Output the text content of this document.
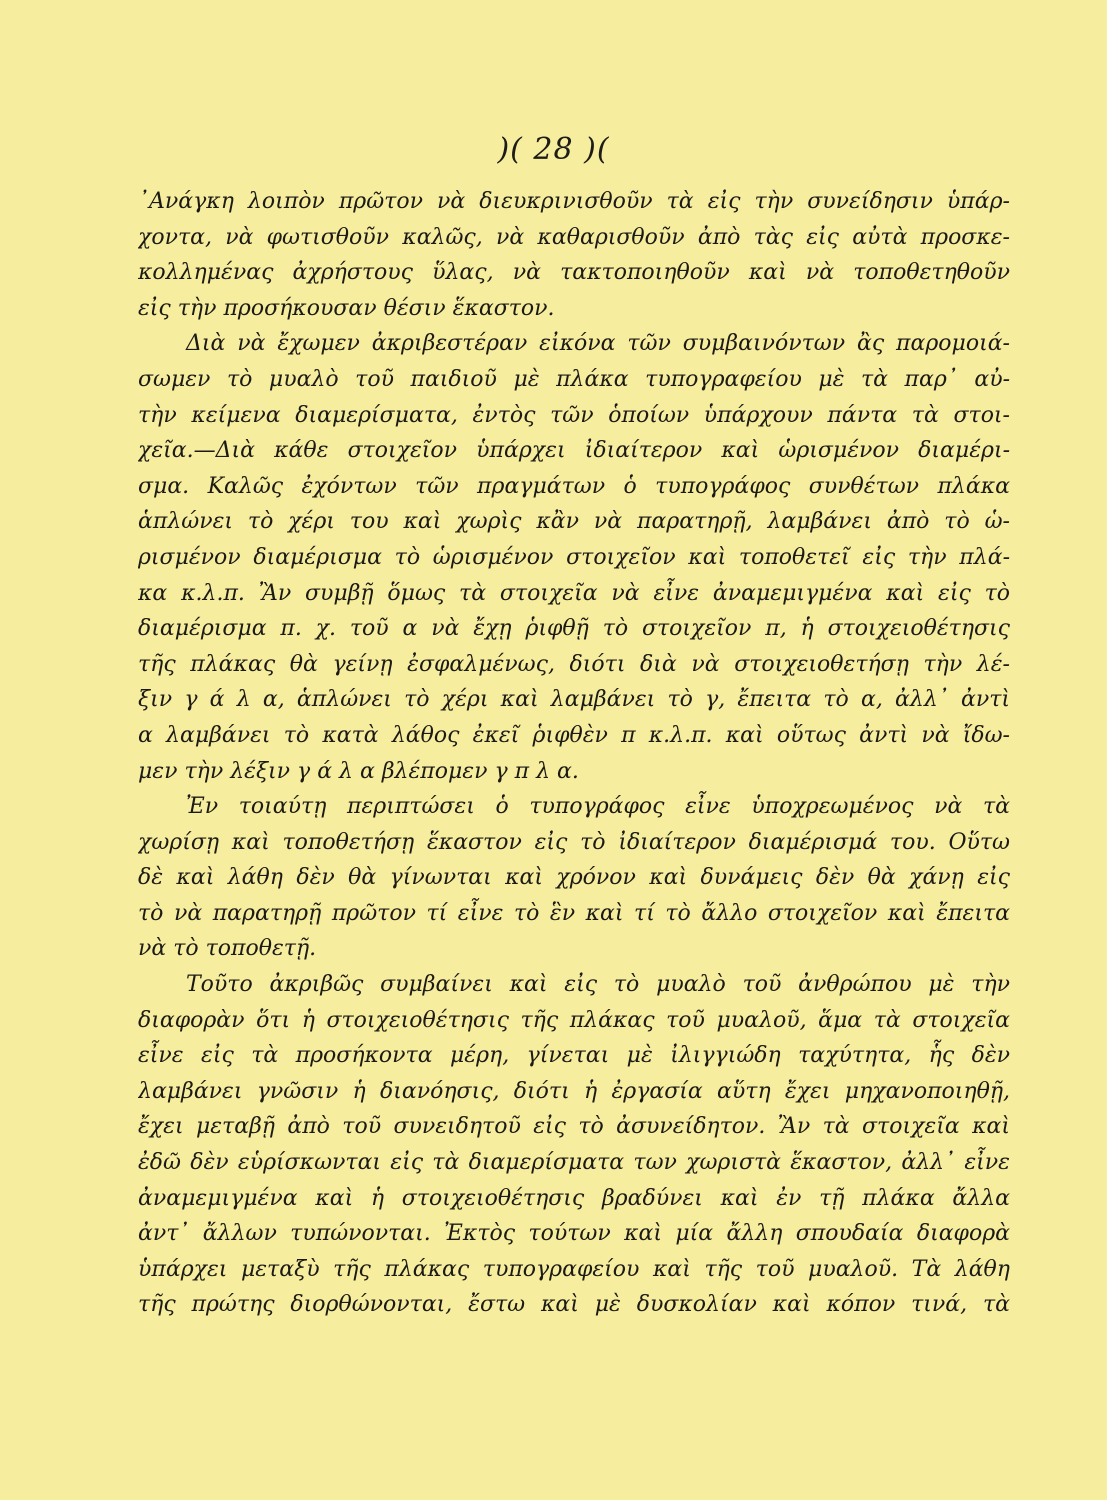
)( 28 )(
᾿Ανάγκη λοιπὸν πρῶτον νὰ διευκρινισθοῦν τὰ εἰς τὴν συνείδησιν ὑπάρ-
χοντα, νὰ φωτισθοῦν καλῶς, νὰ καθαρισθοῦν ἀπὸ τὰς εἰς αὐτὰ προσκε-
κολλημένας ἀχρήστους ὕλας, νὰ τακτοποιηθοῦν καὶ νὰ τοποθετηθοῦν
εἰς τὴν προσήκουσαν θέσιν ἕκαστον.
Διὰ νὰ ἔχωμεν ἀκριβεστέραν εἰκόνα τῶν συμβαινόντων ἂς παρομοιά-
σωμεν τὸ μυαλὸ τοῦ παιδιοῦ μὲ πλάκα τυπογραφείου μὲ τὰ παρ᾿ αὐ-
τὴν κείμενα διαμερίσματα, ἐντὸς τῶν ὁποίων ὑπάρχουν πάντα τὰ στοι-
χεῖα.—Διὰ κάθε στοιχεῖον ὑπάρχει ἰδιαίτερον καὶ ὡρισμένον διαμέρι-
σμα. Καλῶς ἐχόντων τῶν πραγμάτων ὁ τυπογράφος συνθέτων πλάκα
ἁπλώνει τὸ χέρι του καὶ χωρὶς κἂν νὰ παρατηρῇ, λαμβάνει ἀπὸ τὸ ὡ-
ρισμένον διαμέρισμα τὸ ὡρισμένον στοιχεῖον καὶ τοποθετεῖ εἰς τὴν πλά-
κα κ.λ.π. Ἂν συμβῇ ὅμως τὰ στοιχεῖα νὰ εἶνε ἀναμεμιγμένα καὶ εἰς τὸ
διαμέρισμα π. χ. τοῦ α νὰ ἔχῃ ῥιφθῇ τὸ στοιχεῖον π, ἡ στοιχειοθέτησις
τῆς πλάκας θὰ γείνῃ ἐσφαλμένως, διότι διὰ νὰ στοιχειοθετήσῃ τὴν λέ-
ξιν γ ά λ α, ἁπλώνει τὸ χέρι καὶ λαμβάνει τὸ γ, ἔπειτα τὸ α, ἀλλ᾿ ἀντὶ
α λαμβάνει τὸ κατὰ λάθος ἐκεῖ ῥιφθὲν π κ.λ.π. καὶ οὕτως ἀντὶ νὰ ἴδω-
μεν τὴν λέξιν γ ά λ α βλέπομεν γ π λ α.
Ἐν τοιαύτῃ περιπτώσει ὁ τυπογράφος εἶνε ὑποχρεωμένος νὰ τὰ
χωρίσῃ καὶ τοποθετήσῃ ἕκαστον εἰς τὸ ἰδιαίτερον διαμέρισμά του. Οὕτω
δὲ καὶ λάθη δὲν θὰ γίνωνται καὶ χρόνον καὶ δυνάμεις δὲν θὰ χάνῃ εἰς
τὸ νὰ παρατηρῇ πρῶτον τί εἶνε τὸ ἓν καὶ τί τὸ ἄλλο στοιχεῖον καὶ ἔπειτα
νὰ τὸ τοποθετῇ.
Τοῦτο ἀκριβῶς συμβαίνει καὶ εἰς τὸ μυαλὸ τοῦ ἀνθρώπου μὲ τὴν
διαφορὰν ὅτι ἡ στοιχειοθέτησις τῆς πλάκας τοῦ μυαλοῦ, ἅμα τὰ στοιχεῖα
εἶνε εἰς τὰ προσήκοντα μέρη, γίνεται μὲ ἰλιγγιώδη ταχύτητα, ἧς δὲν
λαμβάνει γνῶσιν ἡ διανόησις, διότι ἡ ἐργασία αὕτη ἔχει μηχανοποιηθῇ,
ἔχει μεταβῇ ἀπὸ τοῦ συνειδητοῦ εἰς τὸ ἀσυνείδητον. Ἂν τὰ στοιχεῖα καὶ
ἐδῶ δὲν εὑρίσκωνται εἰς τὰ διαμερίσματα των χωριστὰ ἕκαστον, ἀλλ᾿ εἶνε
ἀναμεμιγμένα καὶ ἡ στοιχειοθέτησις βραδύνει καὶ ἐν τῇ πλάκα ἄλλα
ἀντ᾿ ἄλλων τυπώνονται. Ἐκτὸς τούτων καὶ μία ἄλλη σπουδαία διαφορὰ
ὑπάρχει μεταξὺ τῆς πλάκας τυπογραφείου καὶ τῆς τοῦ μυαλοῦ. Τὰ λάθη
τῆς πρώτης διορθώνονται, ἔστω καὶ μὲ δυσκολίαν καὶ κόπον τινά, τὰ
